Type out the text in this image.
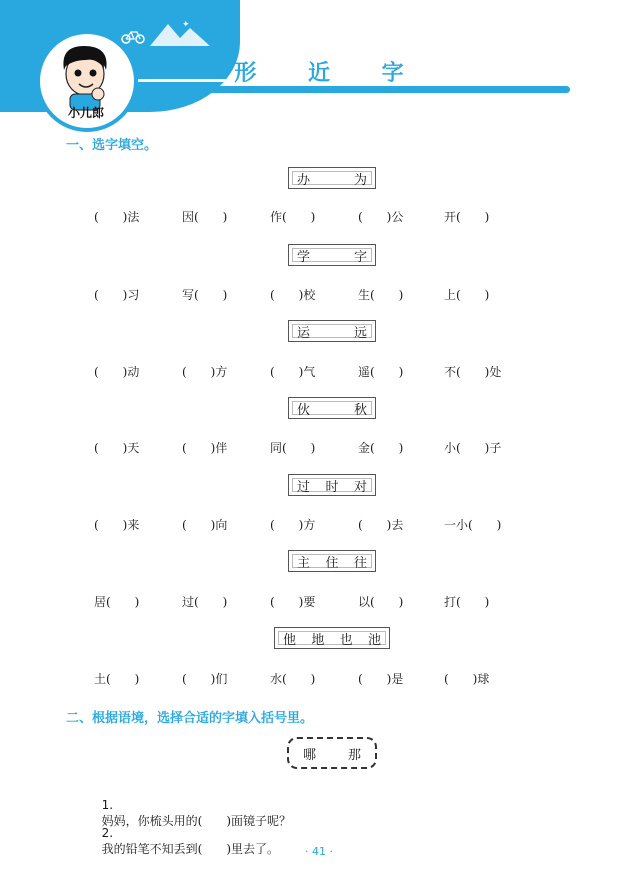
✦
小儿郎
形 近 字
一、选字填空。
办	为
(　　)法	因(　　)	作(　　)	(　　)公	开(　　)
学	字
(　　)习	写(　　)	(　　)校	生(　　)	上(　　)
运	远
(　　)动	(　　)方	(　　)气	遥(　　)	不(　　)处
伙	秋
(　　)天	(　　)伴	同(　　)	金(　　)	小(　　)子
过 时 对
(　　)来	(　　)向	(　　)方	(　　)去	一小(　　)
主 住 往
居(　　)	过(　　)	(　　)要	以(　　)	打(　　)
他 地 也 池
土(　　)	(　　)们	水(　　)	(　　)是	(　　)球
二、根据语境，选择合适的字填入括号里。
哪 那

1.
妈妈，你梳头用的(　　)面镜子呢？

2.
我的铅笔不知丢到(　　)里去了。	· 41 ·
